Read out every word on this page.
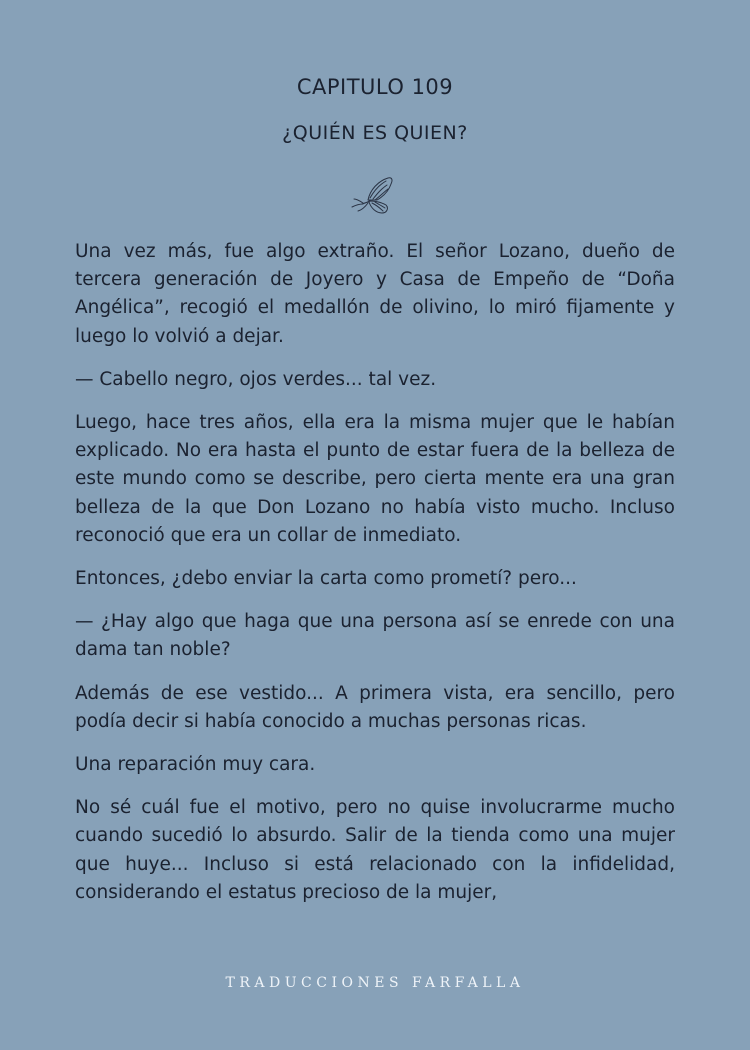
CAPITULO 109
¿QUIÉN ES QUIEN?

Una vez más, fue algo extraño. El señor Lozano, dueño de tercera generación de Joyero y Casa de Empeño de “Doña Angélica”, recogió el medallón de olivino, lo miró fijamente y luego lo volvió a dejar.

— Cabello negro, ojos verdes... tal vez.

Luego, hace tres años, ella era la misma mujer que le habían explicado. No era hasta el punto de estar fuera de la belleza de este mundo como se describe, pero cierta mente era una gran belleza de la que Don Lozano no había visto mucho. Incluso reconoció que era un collar de inmediato.

Entonces, ¿debo enviar la carta como prometí? pero...

— ¿Hay algo que haga que una persona así se enrede con una dama tan noble?

Además de ese vestido... A primera vista, era sencillo, pero podía decir si había conocido a muchas personas ricas.

Una reparación muy cara.

No sé cuál fue el motivo, pero no quise involucrarme mucho cuando sucedió lo absurdo. Salir de la tienda como una mujer que huye... Incluso si está relacionado con la infidelidad, considerando el estatus precioso de la mujer,

TRADUCCIONES FARFALLA
